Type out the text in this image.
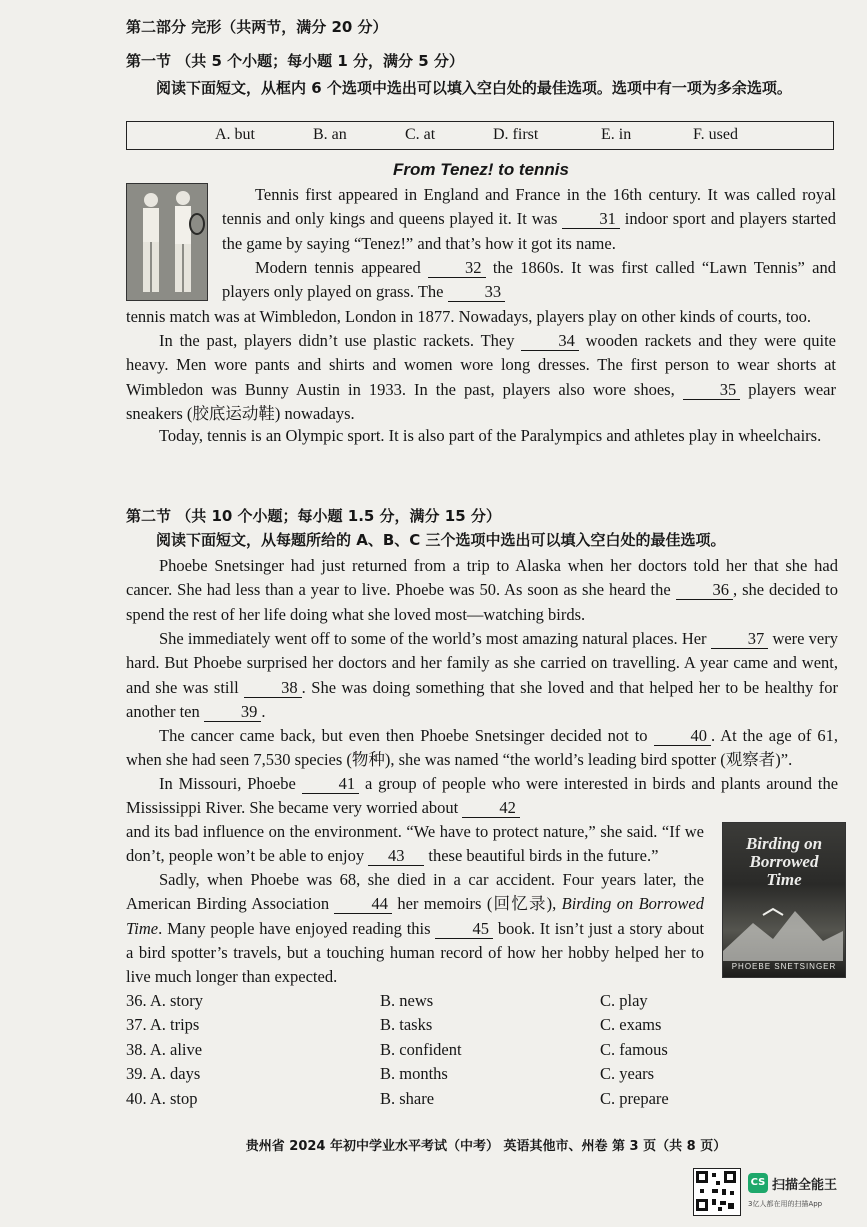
第二部分 完形（共两节，满分 20 分）
第一节 （共 5 个小题；每小题 1 分，满分 5 分）
阅读下面短文，从框内 6 个选项中选出可以填入空白处的最佳选项。选项中有一项为多余选项。
A. but	B. an	C. at	D. first	E. in	F. used
From Tenez! to tennis
Tennis first appeared in England and France in the 16th century. It was called royal tennis and only kings and queens played it. It was	31 indoor sport and players started the game by saying “Tenez!” and that’s how it got its name.
Modern tennis appeared	32 the 1860s. It was first called “Lawn Tennis” and players only played on grass. The 33
tennis match was at Wimbledon, London in 1877. Nowadays, players play on other kinds of courts, too.
In the past, players didn’t use plastic rackets. They	34 wooden rackets and they were quite heavy. Men wore pants and shirts and women wore long dresses. The first person to wear shorts at Wimbledon was Bunny Austin in 1933. In the past, players also wore shoes,	35 players wear sneakers (胶底运动鞋) nowadays.
Today, tennis is an Olympic sport. It is also part of the Paralympics and athletes play in wheelchairs.
第二节 （共 10 个小题；每小题 1.5 分，满分 15 分）
阅读下面短文，从每题所给的 A、B、C 三个选项中选出可以填入空白处的最佳选项。
Phoebe Snetsinger had just returned from a trip to Alaska when her doctors told her that she had cancer. She had less than a year to live. Phoebe was 50. As soon as she heard the	36 , she decided to spend the rest of her life doing what she loved most—watching birds.
She immediately went off to some of the world’s most amazing natural places. Her 37 were very hard. But Phoebe surprised her doctors and her family as she carried on travelling. A year came and went, and she was still	38 . She was doing something that she loved and that helped her to be healthy for another ten 39 .
The cancer came back, but even then Phoebe Snetsinger decided not to	40 . At the age of 61, when she had seen 7,530 species (物种), she was named “the world’s leading bird spotter (观察者)”.
In Missouri, Phoebe	41 a group of people who were interested in birds and plants around the Mississippi River. She became very worried about 42
Birding on Borrowed Time
PHOEBE SNETSINGER
and its bad influence on the environment. “We have to protect nature,” she said. “If we don’t, people won’t be able to enjoy 43 these beautiful birds in the future.”
Sadly, when Phoebe was 68, she died in a car accident. Four years later, the American Birding Association	44 her memoirs (回忆录), Birding on Borrowed Time. Many people have enjoyed reading this	45 book. It isn’t just a story about a bird spotter’s travels, but a touching human record of how her hobby helped her to live much longer than expected.
36. A. story	B. news	C. play
37. A. trips	B. tasks	C. exams
38. A. alive	B. confident	C. famous
39. A. days	B. months	C. years
40. A. stop	B. share	C. prepare
贵州省 2024 年初中学业水平考试（中考） 英语其他市、州卷 第 3 页（共 8 页）
CS 扫描全能王
3亿人都在用的扫描App
